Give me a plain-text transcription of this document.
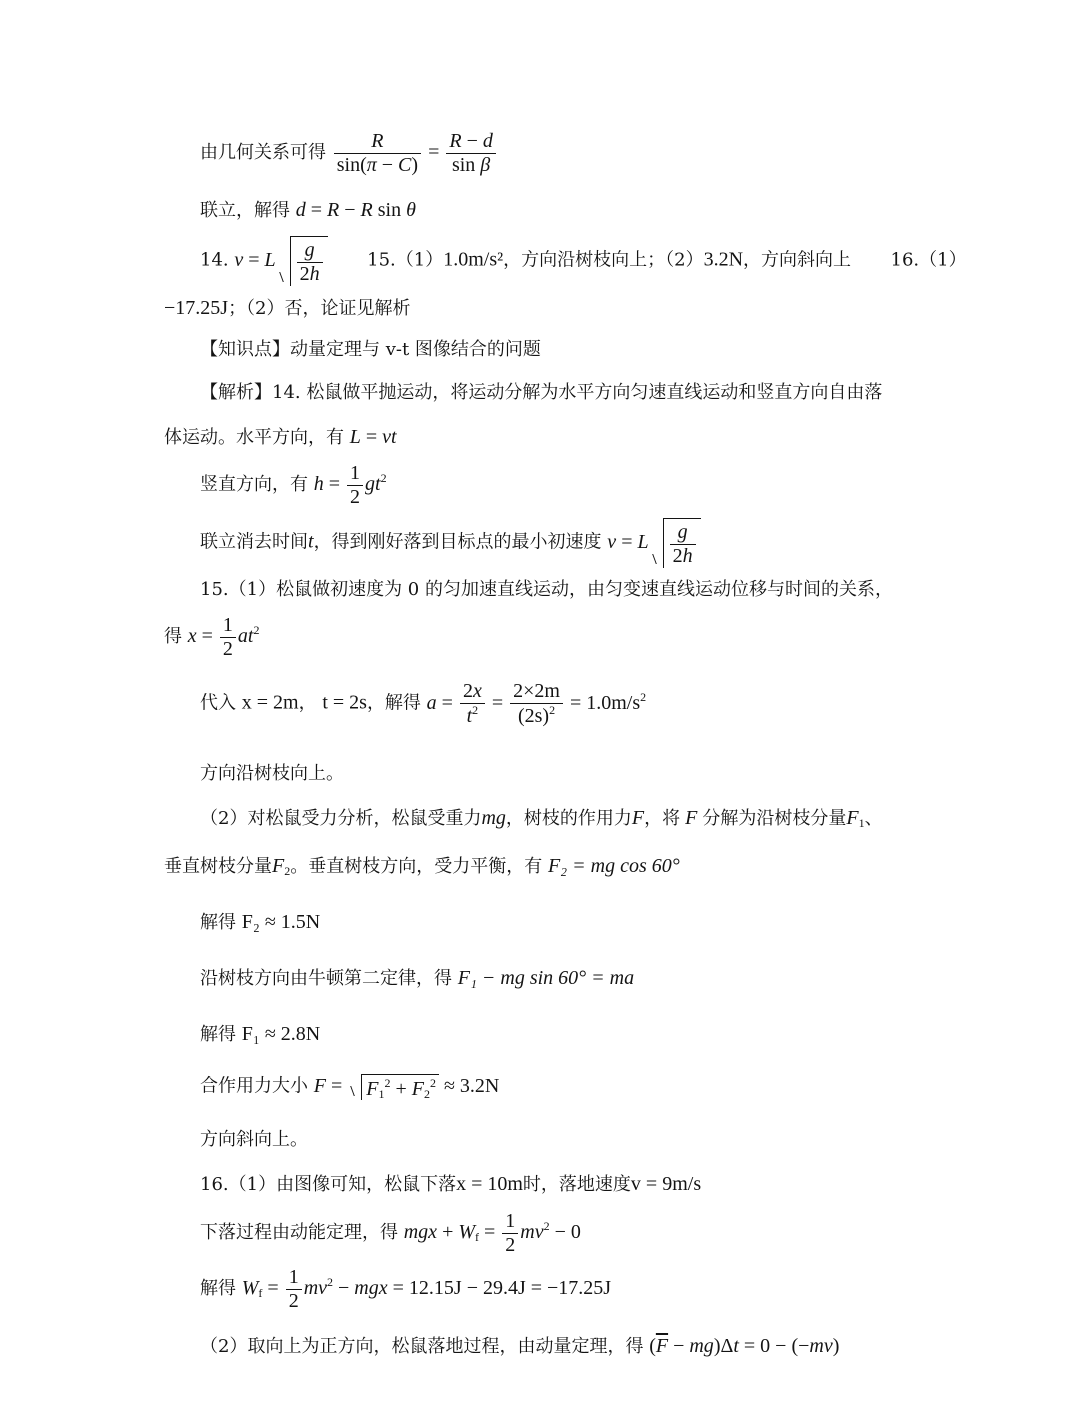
由几何关系可得 $\frac{R}{\sin(\pi - C)} = \frac{R - d}{\text{sin β}}$
联立，解得 d = R − R sin θ
14. v = L $\frac{g}{2h} 15.(1)1.0m/s^2$，方向沿树枝向上；（2）3.2N，方向斜向上 16.（1）
−17.25J；（2）否，论证见解析
【知识点】动量定理与 v-t 图像结合的问题
【解析】14. 松鼠做平抛运动，将运动分解为水平方向匀速直线运动和竖直方向自由落
体运动。水平方向，有 L = vt
竖直方向，有 $h = \frac{1}{2} gt^2$
联立消去时间t，得到刚好落到目标点的最小初速度 v = L $\frac{g}{2h}$
15.（1）松鼠做初速度为 0 的匀加速直线运动，由匀变速直线运动位移与时间的关系，
得 $x = \frac{1}{2} at^2$
代入 x = 2m， t = 2s，解得 $a = \frac{2x}{t^2} = \frac{2\times 2m}{(2s)^2} = 1.0m/s^2$
方向沿树枝向上。
（2）对松鼠受力分析，松鼠受重力mg，树枝的作用力F，将 F 分解为沿树枝分量$F_1$、
垂直树枝分量$F_2$。垂直树枝方向，受力平衡，有 F₂ = mg cos 60°
解得 F₂ ≈ 1.5N
沿树枝方向由牛顿第二定律，得 F₁ − mg sin 60° = ma
解得 F₁ ≈ 2.8N
合作用力大小 $F = F_1^2 + F_2^2 \approx 3.2N$
方向斜向上。
16.（1）由图像可知，松鼠下落x = 10m时，落地速度v = 9m/s
下落过程由动能定理，得 mgx + $W_f = \frac{1}{2} mv^2 - 0$
解得 $W_f = \frac{1}{2} mv^2$ − mgx = 12.15J − 29.4J = −17.25J
（2）取向上为正方向，松鼠落地过程，由动量定理，得 $(\overline{F} - mg)\Delta t = 0 - (-mv)$
